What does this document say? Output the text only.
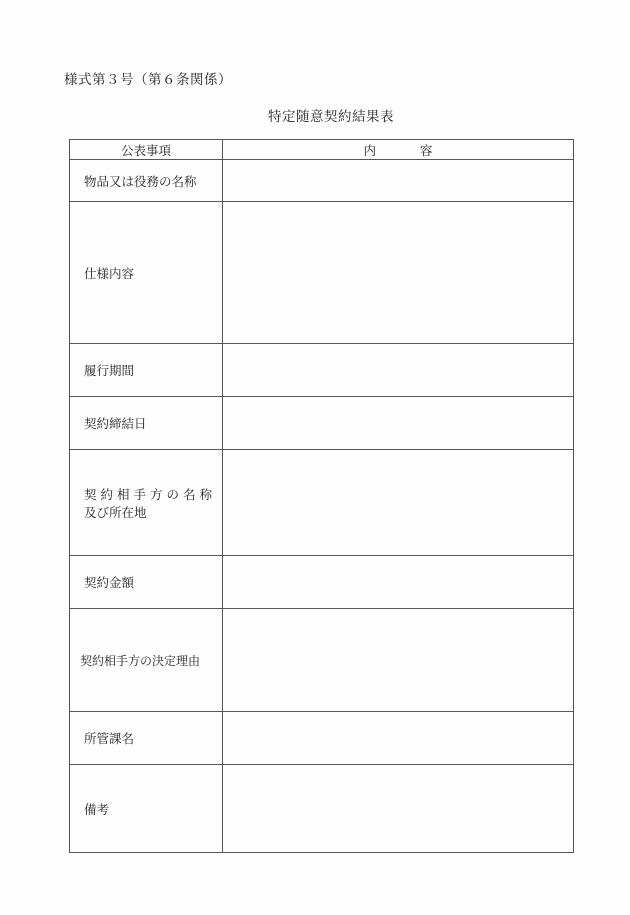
様式第３号（第６条関係）
特定随意契約結果表
公表事項	内 容
物品又は役務の名称	
仕様内容	
履行期間	
契約締結日	

契約相手方の名称
及び所在地	

契約金額	
契約相手方の決定理由	
所管課名	
備考	
